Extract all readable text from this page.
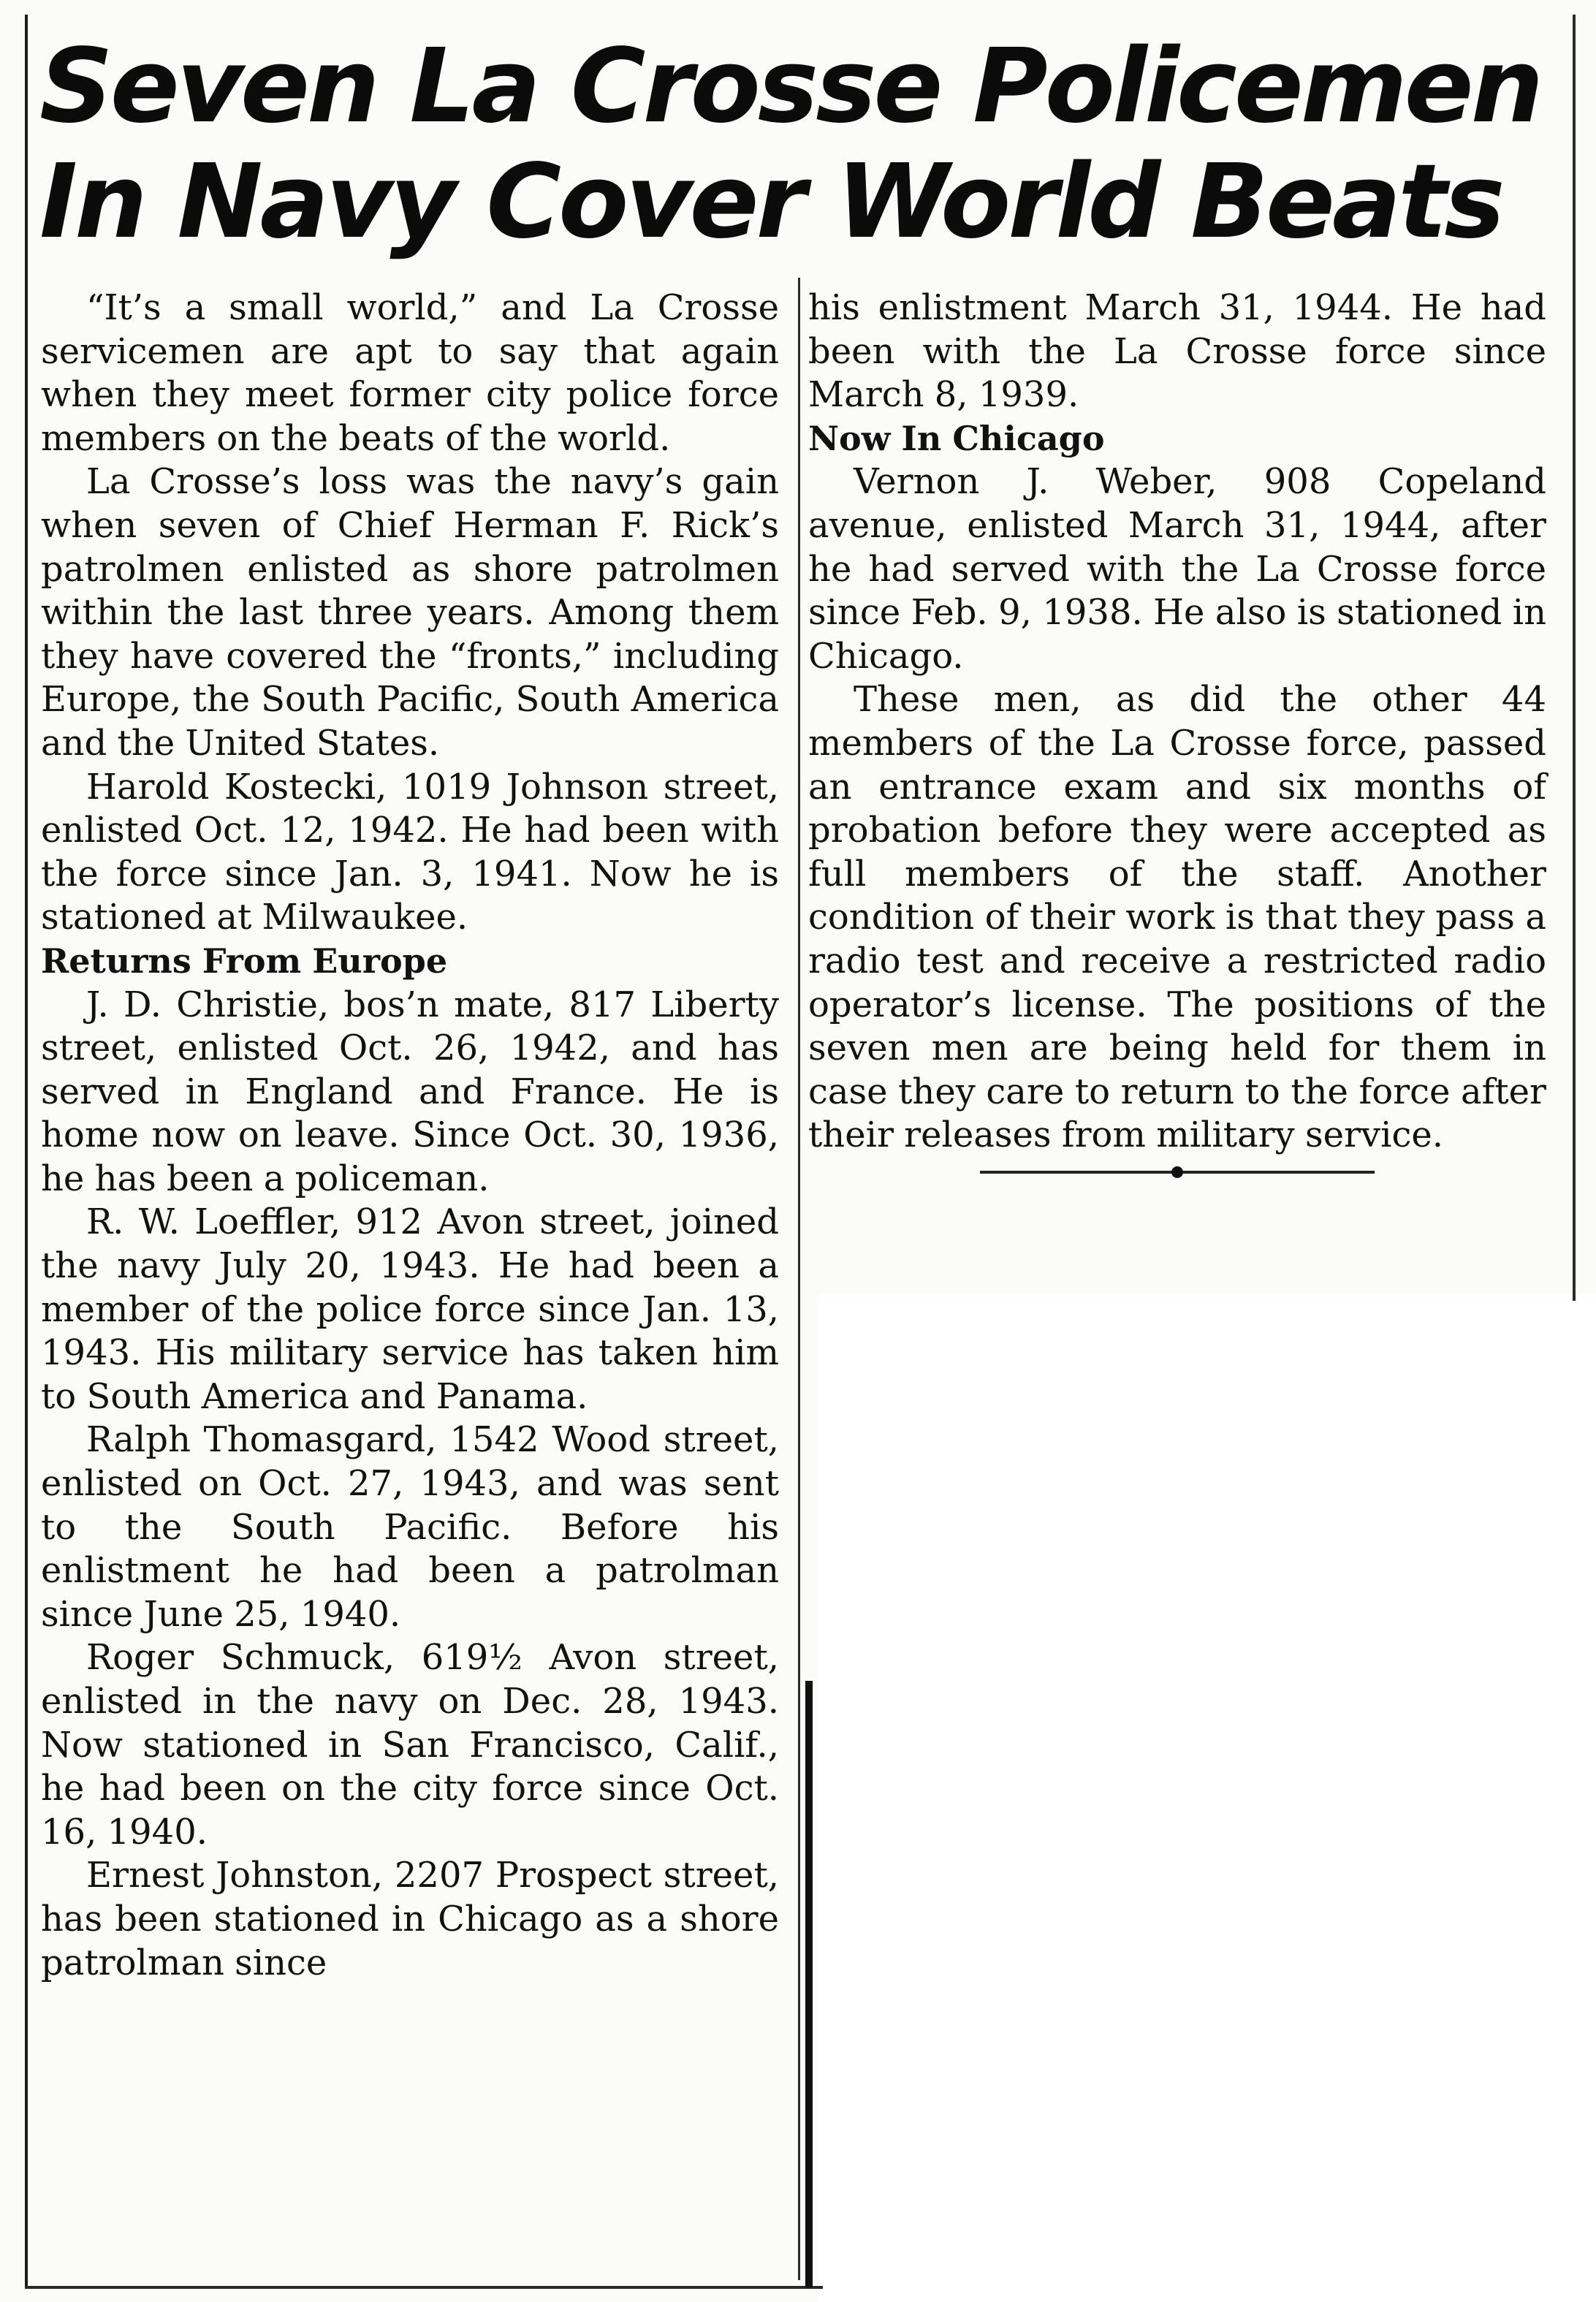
Seven La Crosse Policemen
In Navy Cover World Beats

“It’s a small world,” and La Crosse servicemen are apt to say that again when they meet former city police force members on the beats of the world.

La Crosse’s loss was the navy’s gain when seven of Chief Herman F. Rick’s patrolmen enlisted as shore patrolmen within the last three years. Among them they have covered the “fronts,” including Europe, the South Pacific, South America and the United States.

Harold Kostecki, 1019 Johnson street, enlisted Oct. 12, 1942. He had been with the force since Jan. 3, 1941. Now he is stationed at Milwaukee.

Returns From Europe

J. D. Christie, bos’n mate, 817 Liberty street, enlisted Oct. 26, 1942, and has served in England and France. He is home now on leave. Since Oct. 30, 1936, he has been a policeman.

R. W. Loeffler, 912 Avon street, joined the navy July 20, 1943. He had been a member of the police force since Jan. 13, 1943. His military service has taken him to South America and Panama.

Ralph Thomasgard, 1542 Wood street, enlisted on Oct. 27, 1943, and was sent to the South Pacific. Before his enlistment he had been a patrolman since June 25, 1940.

Roger Schmuck, 619½ Avon street, enlisted in the navy on Dec. 28, 1943. Now stationed in San Francisco, Calif., he had been on the city force since Oct. 16, 1940.

Ernest Johnston, 2207 Prospect street, has been stationed in Chicago as a shore patrolman since

his enlistment March 31, 1944. He had been with the La Crosse force since March 8, 1939.

Now In Chicago

Vernon J. Weber, 908 Copeland avenue, enlisted March 31, 1944, after he had served with the La Crosse force since Feb. 9, 1938. He also is stationed in Chicago.

These men, as did the other 44 members of the La Crosse force, passed an entrance exam and six months of probation before they were accepted as full members of the staff. Another condition of their work is that they pass a radio test and receive a restricted radio operator’s license. The positions of the seven men are being held for them in case they care to return to the force after their releases from military service.
